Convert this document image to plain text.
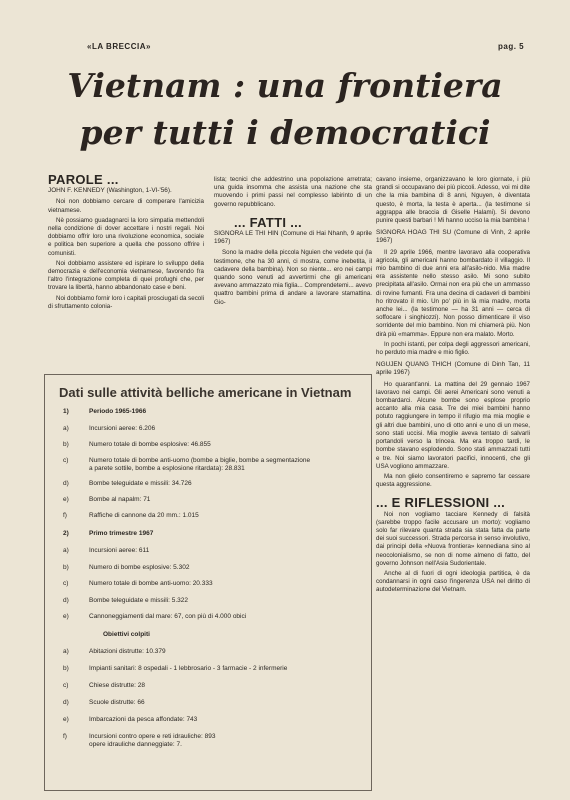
«LA BRECCIA»	pag. 5
Vietnam : una frontiera
per tutti i democratici
PAROLE ...
JOHN F. KENNEDY (Washington, 1-VI-'56).

Noi non dobbiamo cercare di comperare l'amicizia vietnamese.

Nè possiamo guadagnarci la loro simpatia mettendoli nella condizione di dover accettare i nostri regali. Noi dobbiamo offrir loro una rivoluzione economica, sociale e politica ben superiore a quella che possono offrire i comunisti.

Noi dobbiamo assistere ed ispirare lo sviluppo della democrazia e dell'economia vietnamese, favorendo fra l'altro l'integrazione completa di quei profughi che, per trovare la libertà, hanno abbandonato case e beni.

Noi dobbiamo fornir loro i capitali prosciugati da secoli di sfruttamento colonia-

lista; tecnici che addestrino una popolazione arretrata; una guida insomma che assista una nazione che sta muovendo i primi passi nel complesso labirinto di un governo repubblicano.

... FATTI ...
SIGNORA LE THI HIN (Comune di Hai Nhanh, 9 aprile 1967)

Sono la madre della piccola Nguien che vedete qui (la testimone, che ha 30 anni, ci mostra, come inebetita, il cadavere della bambina). Non so niente... ero nei campi quando sono venuti ad avvertirmi che gli americani avevano ammazzato mia figlia... Comprendetemi... avevo quattro bambini prima di andare a lavorare stamattina. Gio-

cavano insieme, organizzavano le loro giornate, i più grandi si occupavano dei più piccoli. Adesso, voi mi dite che la mia bambina di 8 anni, Nguyen, è diventata questo, è morta, la testa è aperta... (la testimone si aggrappa alle braccia di Giselle Halami). Si devono punire questi barbari ! Mi hanno ucciso la mia bambina !

SIGNORA HOAG THI SU (Comune di Vinh, 2 aprile 1967)

Il 29 aprile 1966, mentre lavoravo alla cooperativa agricola, gli americani hanno bombardato il villaggio. Il mio bambino di due anni era all'asilo-nido. Mia madre era assistente nello stesso asilo. Mi sono subito precipitata all'asilo. Ormai non era più che un ammasso di rovine fumanti. Fra una decina di cadaveri di bambini ho ritrovato il mio. Un po' più in là mia madre, morta anche lei... (la testimone — ha 31 anni — cerca di soffocare i singhiozzi). Non posso dimenticare il viso sorridente del mio bambino. Non mi chiamerà più. Non dirà più «mamma». Eppure non era malato. Morto.

In pochi istanti, per colpa degli aggressori americani, ho perduto mia madre e mio figlio.

NGUJEN QUANG THICH (Comune di Dinh Tan, 11 aprile 1967)

Ho quarant'anni. La mattina del 29 gennaio 1967 lavoravo nei campi. Gli aerei Americani sono venuti a bombardarci. Alcune bombe sono esplose proprio accanto alla mia casa. Tre dei miei bambini hanno potuto raggiungere in tempo il rifugio ma mia moglie e gli altri due bambini, uno di otto anni e uno di un mese, sono stati uccisi. Mia moglie aveva tentato di salvarli portandoli verso la trincea. Ma era troppo tardi, le bombe stavano esplodendo. Sono stati ammazzati tutti e tre. Noi siamo lavoratori pacifici, innocenti, che gli USA vogliono ammazzare.

Ma non glielo consentiremo e sapremo far cessare questa aggressione.

... E RIFLESSIONI ...

Noi non vogliamo tacciare Kennedy di falsità (sarebbe troppo facile accusare un morto): vogliamo solo far rilevare quanta strada sia stata fatta da parte dei suoi successori. Strada percorsa in senso involutivo, dai principi della «Nuova frontiera» kennediana sino al neocolonialismo, se non di nome almeno di fatto, del governo Johnson nell'Asia Sudorientale.

Anche al di fuori di ogni ideologia partitica, è da condannarsi in ogni caso l'ingerenza USA nel diritto di autodeterminazione del Vietnam.

Dati sulle attività belliche americane in Vietnam
1)	Periodo 1965-1966
a)	Incursioni aeree: 6.206
b)	Numero totale di bombe esplosive: 46.855
c)	Numero totale di bombe anti-uomo (bombe a biglie, bombe a segmentazione
a parete sottile, bombe a esplosione ritardata): 28.831
d)	Bombe teleguidate e missili: 34.726
e)	Bombe al napalm: 71
f)	Raffiche di cannone da 20 mm.: 1.015
2)	Primo trimestre 1967
a)	Incursioni aeree: 611
b)	Numero di bombe esplosive: 5.302
c)	Numero totale di bombe anti-uomo: 20.333
d)	Bombe teleguidate e missili: 5.322
e)	Cannoneggiamenti dal mare: 67, con più di 4.000 obici
Obiettivi colpiti
a)	Abitazioni distrutte: 10.379
b)	Impianti sanitari: 8 ospedali - 1 lebbrosario - 3 farmacie - 2 infermerie
c)	Chiese distrutte: 28
d)	Scuole distrutte: 66
e)	Imbarcazioni da pesca affondate: 743
f)	Incursioni contro opere e reti idrauliche: 893
opere idrauliche danneggiate: 7.
